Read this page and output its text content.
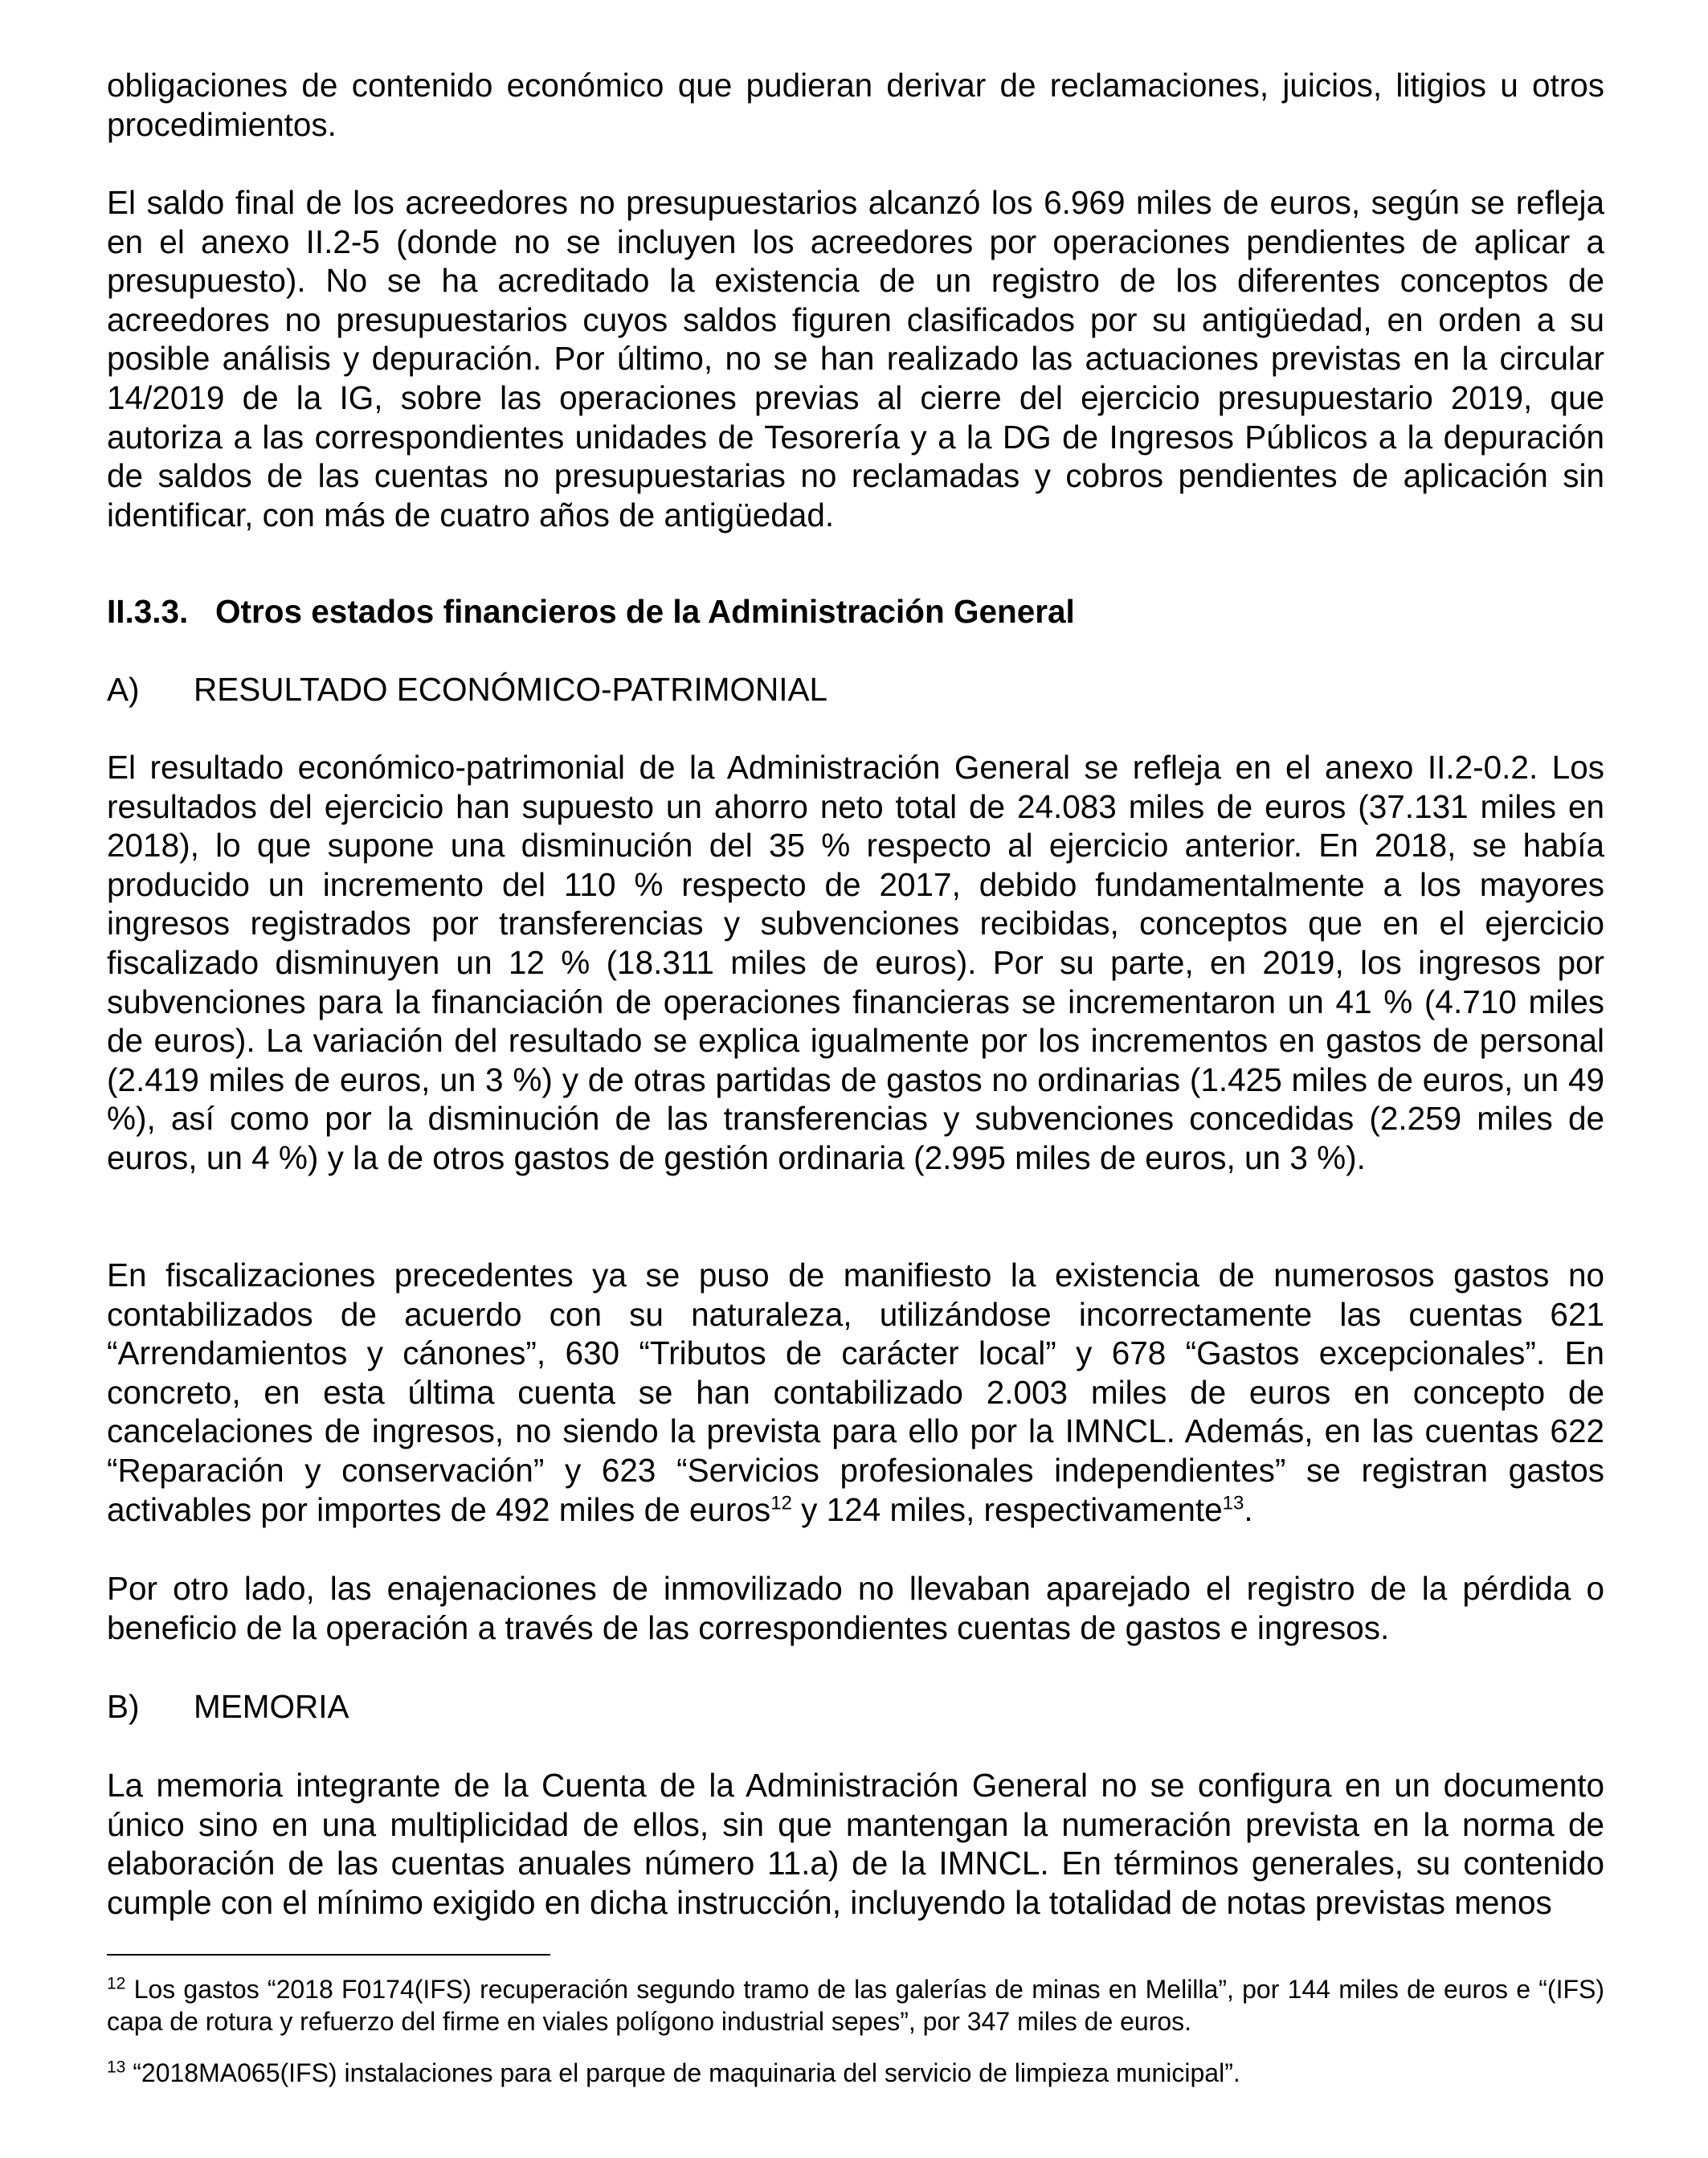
obligaciones de contenido económico que pudieran derivar de reclamaciones, juicios, litigios u otros procedimientos.

El saldo final de los acreedores no presupuestarios alcanzó los 6.969 miles de euros, según se refleja en el anexo II.2-5 (donde no se incluyen los acreedores por operaciones pendientes de aplicar a presupuesto). No se ha acreditado la existencia de un registro de los diferentes conceptos de acreedores no presupuestarios cuyos saldos figuren clasificados por su antigüedad, en orden a su posible análisis y depuración. Por último, no se han realizado las actuaciones previstas en la circular 14/2019 de la IG, sobre las operaciones previas al cierre del ejercicio presupuestario 2019, que autoriza a las correspondientes unidades de Tesorería y a la DG de Ingresos Públicos a la depuración de saldos de las cuentas no presupuestarias no reclamadas y cobros pendientes de aplicación sin identificar, con más de cuatro años de antigüedad.

II.3.3. Otros estados financieros de la Administración General

A) RESULTADO ECONÓMICO-PATRIMONIAL

El resultado económico-patrimonial de la Administración General se refleja en el anexo II.2-0.2. Los resultados del ejercicio han supuesto un ahorro neto total de 24.083 miles de euros (37.131 miles en 2018), lo que supone una disminución del 35 % respecto al ejercicio anterior. En 2018, se había producido un incremento del 110 % respecto de 2017, debido fundamentalmente a los mayores ingresos registrados por transferencias y subvenciones recibidas, conceptos que en el ejercicio fiscalizado disminuyen un 12 % (18.311 miles de euros). Por su parte, en 2019, los ingresos por subvenciones para la financiación de operaciones financieras se incrementaron un 41 % (4.710 miles de euros). La variación del resultado se explica igualmente por los incrementos en gastos de personal (2.419 miles de euros, un 3 %) y de otras partidas de gastos no ordinarias (1.425 miles de euros, un 49 %), así como por la disminución de las transferencias y subvenciones concedidas (2.259 miles de euros, un 4 %) y la de otros gastos de gestión ordinaria (2.995 miles de euros, un 3 %).

En fiscalizaciones precedentes ya se puso de manifiesto la existencia de numerosos gastos no contabilizados de acuerdo con su naturaleza, utilizándose incorrectamente las cuentas 621 “Arrendamientos y cánones”, 630 “Tributos de carácter local” y 678 “Gastos excepcionales”. En concreto, en esta última cuenta se han contabilizado 2.003 miles de euros en concepto de cancelaciones de ingresos, no siendo la prevista para ello por la IMNCL. Además, en las cuentas 622 “Reparación y conservación” y 623 “Servicios profesionales independientes” se registran gastos activables por importes de 492 miles de euros$^{12}$ y 124 miles, respectivamente$^{13}$.

Por otro lado, las enajenaciones de inmovilizado no llevaban aparejado el registro de la pérdida o beneficio de la operación a través de las correspondientes cuentas de gastos e ingresos.

B) MEMORIA

La memoria integrante de la Cuenta de la Administración General no se configura en un documento único sino en una multiplicidad de ellos, sin que mantengan la numeración prevista en la norma de elaboración de las cuentas anuales número 11.a) de la IMNCL. En términos generales, su contenido cumple con el mínimo exigido en dicha instrucción, incluyendo la totalidad de notas previstas menos

$^{12}$ Los gastos “2018 F0174(IFS) recuperación segundo tramo de las galerías de minas en Melilla”, por 144 miles de euros e “(IFS) capa de rotura y refuerzo del firme en viales polígono industrial sepes”, por 347 miles de euros.

$^{13}$ “2018MA065(IFS) instalaciones para el parque de maquinaria del servicio de limpieza municipal”.
